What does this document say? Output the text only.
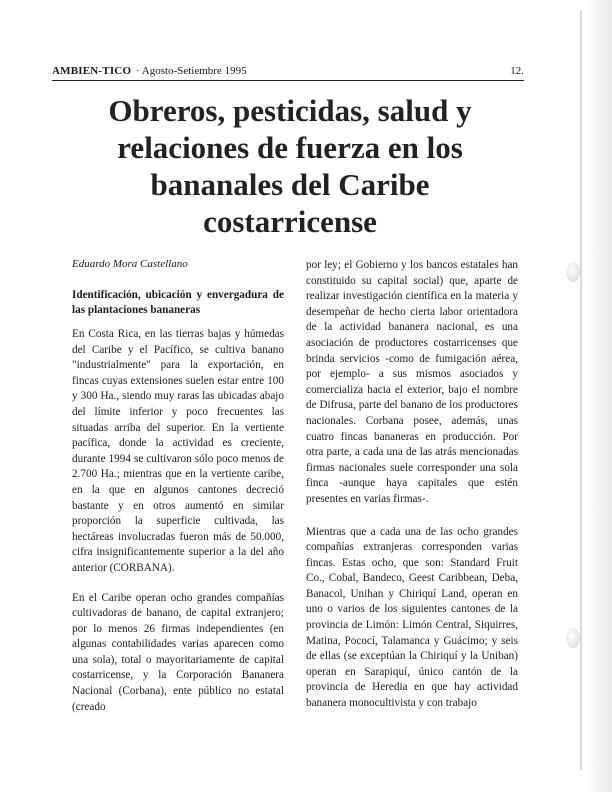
AMBIEN-TICO · Agosto-Setiembre 1995	12.
Obreros, pesticidas, salud y relaciones de fuerza en los bananales del Caribe costarricense
Eduardo Mora Castellano

Identificación, ubicación y envergadura de las plantaciones bananeras

En Costa Rica, en las tierras bajas y húmedas del Caribe y el Pacífico, se cultiva banano "industrialmente" para la exportación, en fincas cuyas extensiones suelen estar entre 100 y 300 Ha., siendo muy raras las ubicadas abajo del límite inferior y poco frecuentes las situadas arriba del superior. En la vertiente pacífica, donde la actividad es creciente, durante 1994 se cultivaron sólo poco menos de 2.700 Ha.; mientras que en la vertiente caribe, en la que en algunos cantones decreció bastante y en otros aumentó en similar proporción la superficie cultivada, las hectáreas involucradas fueron más de 50.000, cifra insignificantemente superior a la del año anterior (CORBANA).

En el Caribe operan ocho grandes compañías cultivadoras de banano, de capital extranjero; por lo menos 26 firmas independientes (en algunas contabilidades varias aparecen como una sola), total o mayoritariamente de capital costarricense, y la Corporación Bananera Nacional (Corbana), ente público no estatal (creado

por ley; el Gobierno y los bancos estatales han constituido su capital social) que, aparte de realizar investigación científica en la materia y desempeñar de hecho cierta labor orientadora de la actividad bananera nacional, es una asociación de productores costarricenses que brinda servicios -como de fumigación aérea, por ejemplo- a sus mismos asociados y comercializa hacia el exterior, bajo el nombre de Difrusa, parte del banano de los productores nacionales. Corbana posee, además, unas cuatro fincas bananeras en producción. Por otra parte, a cada una de las atrás mencionadas firmas nacionales suele corresponder una sola finca -aunque haya capitales que estén presentes en varias firmas-.

Mientras que a cada una de las ocho grandes compañías extranjeras corresponden varias fincas. Estas ocho, que son: Standard Fruit Co., Cobal, Bandeco, Geest Caribbean, Deba, Banacol, Unihan y Chiriquí Land, operan en uno o varios de los siguientes cantones de la provincia de Limón: Limón Central, Siquirres, Matina, Pococí, Talamanca y Guácimo; y seis de ellas (se exceptúan la Chiriquí y la Uniban) operan en Sarapiquí, único cantón de la provincia de Heredia en que hay actividad bananera monocultivista y con trabajo
